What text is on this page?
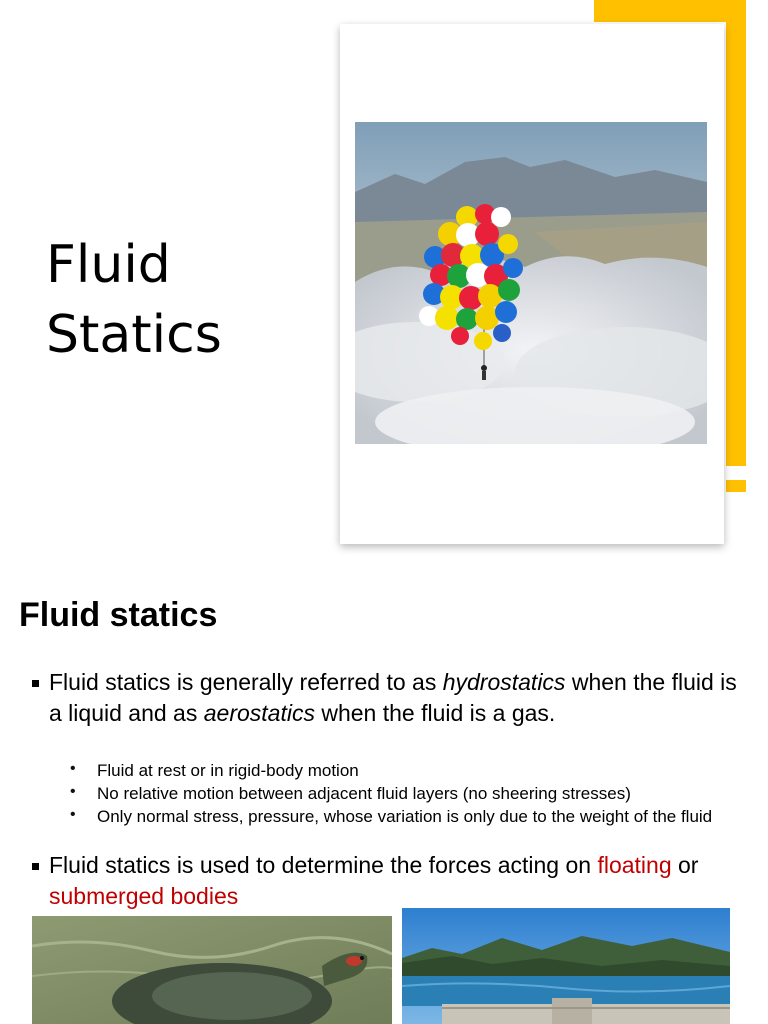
Fluid
Statics
Fluid statics
Fluid statics is generally referred to as hydrostatics when the fluid is a liquid and as aerostatics when the fluid is a gas.
• Fluid at rest or in rigid-body motion
• No relative motion between adjacent fluid layers (no sheering stresses)
• Only normal stress, pressure, whose variation is only due to the weight of the fluid
Fluid statics is used to determine the forces acting on floating or submerged bodies
